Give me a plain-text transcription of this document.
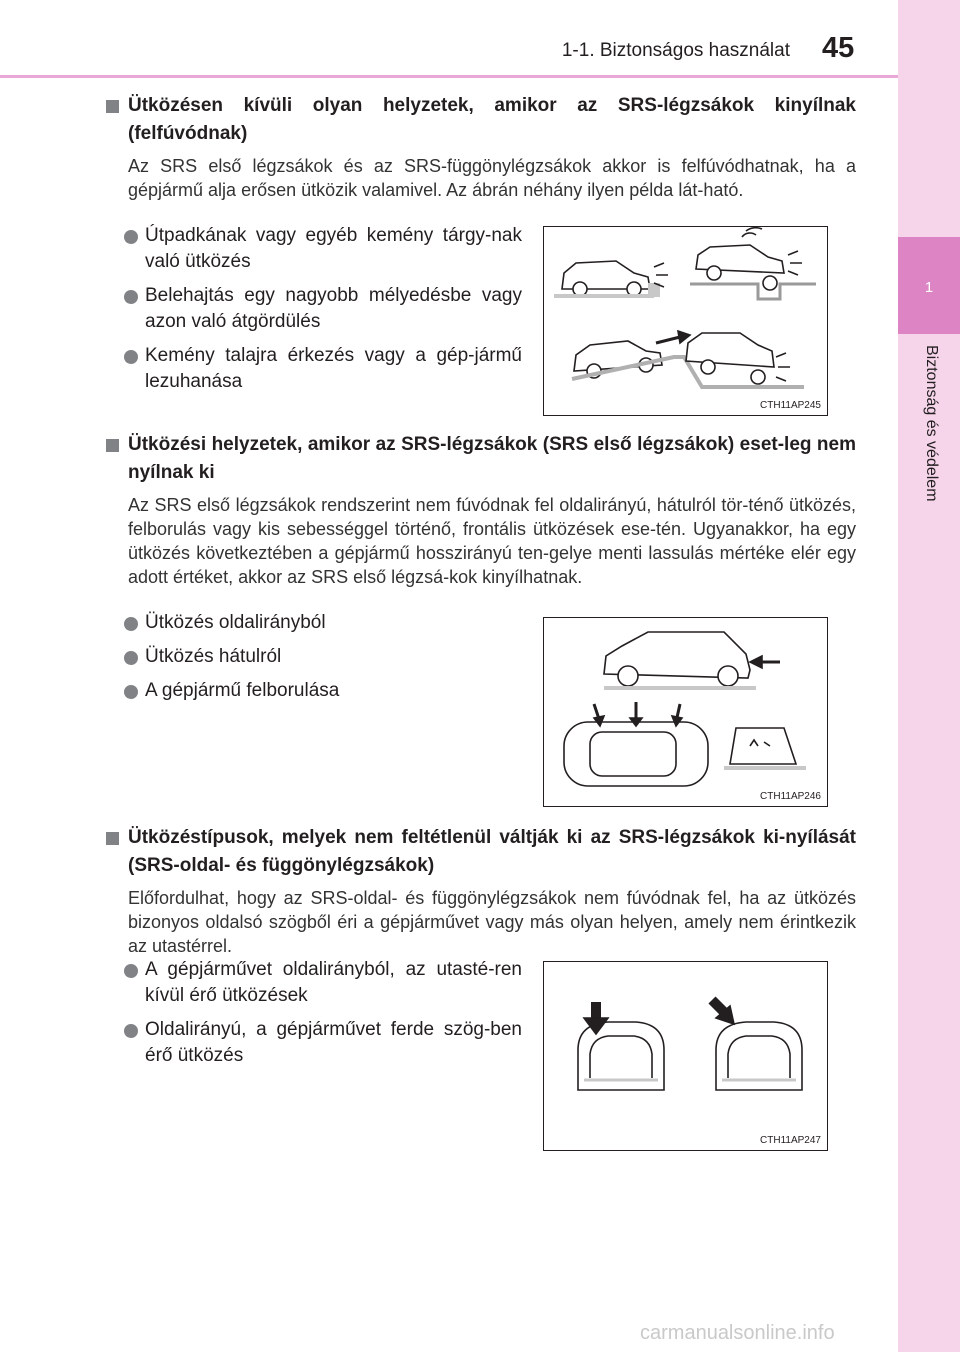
1-1. Biztonságos használat 45
1
Biztonság és védelem
Ütközésen kívüli olyan helyzetek, amikor az SRS-légzsákok kinyílnak (felfúvódnak)
Az SRS első légzsákok és az SRS-függönylégzsákok akkor is felfúvódhatnak, ha a gépjármű alja erősen ütközik valamivel. Az ábrán néhány ilyen példa lát-ható.
Útpadkának vagy egyéb kemény tárgy-nak való ütközés
Belehajtás egy nagyobb mélyedésbe vagy azon való átgördülés
Kemény talajra érkezés vagy a gép-jármű lezuhanása
CTH11AP245
Ütközési helyzetek, amikor az SRS-légzsákok (SRS első légzsákok) eset-leg nem nyílnak ki
Az SRS első légzsákok rendszerint nem fúvódnak fel oldalirányú, hátulról tör-ténő ütközés, felborulás vagy kis sebességgel történő, frontális ütközések ese-tén. Ugyanakkor, ha egy ütközés következtében a gépjármű hosszirányú ten-gelye menti lassulás mértéke elér egy adott értéket, akkor az SRS első légzsá-kok kinyílhatnak.
Ütközés oldalirányból
Ütközés hátulról
A gépjármű felborulása
CTH11AP246
Ütközéstípusok, melyek nem feltétlenül váltják ki az SRS-légzsákok ki-nyílását (SRS-oldal- és függönylégzsákok)
Előfordulhat, hogy az SRS-oldal- és függönylégzsákok nem fúvódnak fel, ha az ütközés bizonyos oldalsó szögből éri a gépjárművet vagy más olyan helyen, amely nem érintkezik az utastérrel.
A gépjárművet oldalirányból, az utasté-ren kívül érő ütközések
Oldalirányú, a gépjárművet ferde szög-ben érő ütközés
CTH11AP247
carmanualsonline.info
